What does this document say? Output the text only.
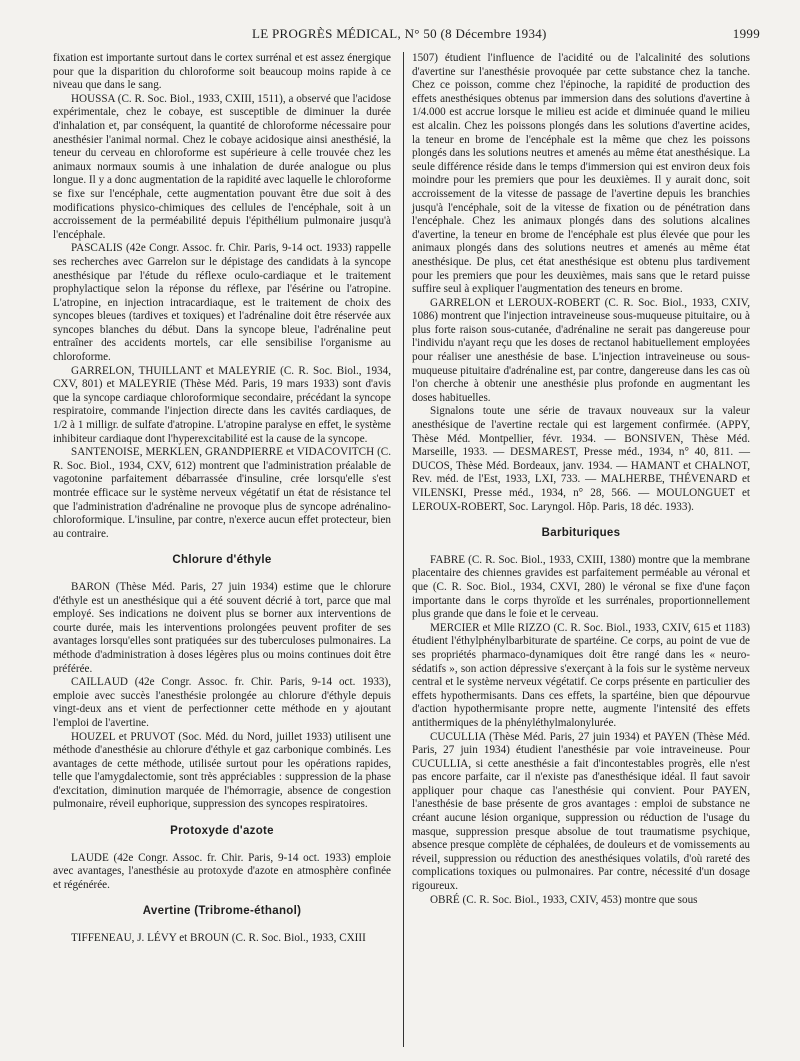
LE PROGRÈS MÉDICAL, N° 50 (8 Décembre 1934)	1999

fixation est importante surtout dans le cortex surrénal et est assez énergique pour que la disparition du chloroforme soit beaucoup moins rapide à ce niveau que dans le sang.

HOUSSA (C. R. Soc. Biol., 1933, CXIII, 1511), a observé que l'acidose expérimentale, chez le cobaye, est susceptible de diminuer la durée d'inhalation et, par conséquent, la quantité de chloroforme nécessaire pour anesthésier l'animal normal. Chez le cobaye acidosique ainsi anesthésié, la teneur du cerveau en chloroforme est supérieure à celle trouvée chez les animaux normaux soumis à une inhalation de durée analogue ou plus longue. Il y a donc augmentation de la rapidité avec laquelle le chloroforme se fixe sur l'encéphale, cette augmentation pouvant être due soit à des modifications physico-chimiques des cellules de l'encéphale, soit à un accroissement de la perméabilité depuis l'épithélium pulmonaire jusqu'à l'encéphale.

PASCALIS (42e Congr. Assoc. fr. Chir. Paris, 9-14 oct. 1933) rappelle ses recherches avec Garrelon sur le dépistage des candidats à la syncope anesthésique par l'étude du réflexe oculo-cardiaque et le traitement prophylactique selon la réponse du réflexe, par l'ésérine ou l'atropine. L'atropine, en injection intracardiaque, est le traitement de choix des syncopes bleues (tardives et toxiques) et l'adrénaline doit être réservée aux syncopes blanches du début. Dans la syncope bleue, l'adrénaline peut entraîner des accidents mortels, car elle sensibilise l'organisme au chloroforme.

GARRELON, THUILLANT et MALEYRIE (C. R. Soc. Biol., 1934, CXV, 801) et MALEYRIE (Thèse Méd. Paris, 19 mars 1933) sont d'avis que la syncope cardiaque chloroformique secondaire, précédant la syncope respiratoire, commande l'injection directe dans les cavités cardiaques, de 1/2 à 1 milligr. de sulfate d'atropine. L'atropine paralyse en effet, le système inhibiteur cardiaque dont l'hyperexcitabilité est la cause de la syncope.

SANTENOISE, MERKLEN, GRANDPIERRE et VIDACOVITCH (C. R. Soc. Biol., 1934, CXV, 612) montrent que l'administration préalable de vagotonine parfaitement débarrassée d'insuline, crée lorsqu'elle s'est montrée efficace sur le système nerveux végétatif un état de résistance tel que l'administration d'adrénaline ne provoque plus de syncope adrénalino-chloroformique. L'insuline, par contre, n'exerce aucun effet protecteur, bien au contraire.

Chlorure d'éthyle

BARON (Thèse Méd. Paris, 27 juin 1934) estime que le chlorure d'éthyle est un anesthésique qui a été souvent décrié à tort, parce que mal employé. Ses indications ne doivent plus se borner aux interventions de courte durée, mais les interventions prolongées peuvent profiter de ses avantages lorsqu'elles sont pratiquées sur des tuberculoses pulmonaires. La méthode d'administration à doses légères plus ou moins continues doit être préférée.

CAILLAUD (42e Congr. Assoc. fr. Chir. Paris, 9-14 oct. 1933), emploie avec succès l'anesthésie prolongée au chlorure d'éthyle depuis vingt-deux ans et vient de perfectionner cette méthode en y ajoutant l'emploi de l'avertine.

HOUZEL et PRUVOT (Soc. Méd. du Nord, juillet 1933) utilisent une méthode d'anesthésie au chlorure d'éthyle et gaz carbonique combinés. Les avantages de cette méthode, utilisée surtout pour les opérations rapides, telle que l'amygdalectomie, sont très appréciables : suppression de la phase d'excitation, diminution marquée de l'hémorragie, absence de congestion pulmonaire, réveil euphorique, suppression des syncopes respiratoires.

Protoxyde d'azote

LAUDE (42e Congr. Assoc. fr. Chir. Paris, 9-14 oct. 1933) emploie avec avantages, l'anesthésie au protoxyde d'azote en atmosphère confinée et régénérée.

Avertine (Tribrome-éthanol)

TIFFENEAU, J. LÉVY et BROUN (C. R. Soc. Biol., 1933, CXIII

1507) étudient l'influence de l'acidité ou de l'alcalinité des solutions d'avertine sur l'anesthésie provoquée par cette substance chez la tanche. Chez ce poisson, comme chez l'épinoche, la rapidité de production des effets anesthésiques obtenus par immersion dans des solutions d'avertine à 1/4.000 est accrue lorsque le milieu est acide et diminuée quand le milieu est alcalin. Chez les poissons plongés dans les solutions d'avertine acides, la teneur en brome de l'encéphale est la même que chez les poissons plongés dans les solutions neutres et amenés au même état anesthésique. La seule différence réside dans le temps d'immersion qui est environ deux fois moindre pour les premiers que pour les deuxièmes. Il y aurait donc, soit accroissement de la vitesse de passage de l'avertine depuis les branchies jusqu'à l'encéphale, soit de la vitesse de fixation ou de pénétration dans l'encéphale. Chez les animaux plongés dans des solutions alcalines d'avertine, la teneur en brome de l'encéphale est plus élevée que pour les animaux plongés dans des solutions neutres et amenés au même état anesthésique. De plus, cet état anesthésique est obtenu plus tardivement pour les premiers que pour les deuxièmes, mais sans que le retard puisse suffire seul à expliquer l'augmentation des teneurs en brome.

GARRELON et LEROUX-ROBERT (C. R. Soc. Biol., 1933, CXIV, 1086) montrent que l'injection intraveineuse sous-muqueuse pituitaire, ou à plus forte raison sous-cutanée, d'adrénaline ne serait pas dangereuse pour l'individu n'ayant reçu que les doses de rectanol habituellement employées pour réaliser une anesthésie de base. L'injection intraveineuse ou sous-muqueuse pituitaire d'adrénaline est, par contre, dangereuse dans les cas où l'on cherche à obtenir une anesthésie plus profonde en augmentant les doses habituelles.

Signalons toute une série de travaux nouveaux sur la valeur anesthésique de l'avertine rectale qui est largement confirmée. (APPY, Thèse Méd. Montpellier, févr. 1934. — BONSIVEN, Thèse Méd. Marseille, 1933. — DESMAREST, Presse méd., 1934, n° 40, 811. — DUCOS, Thèse Méd. Bordeaux, janv. 1934. — HAMANT et CHALNOT, Rev. méd. de l'Est, 1933, LXI, 733. — MALHERBE, THÉVENARD et VILENSKI, Presse méd., 1934, n° 28, 566. — MOULONGUET et LEROUX-ROBERT, Soc. Laryngol. Hôp. Paris, 18 déc. 1933).

Barbituriques

FABRE (C. R. Soc. Biol., 1933, CXIII, 1380) montre que la membrane placentaire des chiennes gravides est parfaitement perméable au véronal et que (C. R. Soc. Biol., 1934, CXVI, 280) le véronal se fixe d'une façon importante dans le corps thyroïde et les surrénales, proportionnellement plus grande que dans le foie et le cerveau.

MERCIER et Mlle RIZZO (C. R. Soc. Biol., 1933, CXIV, 615 et 1183) étudient l'éthylphénylbarbiturate de spartéine. Ce corps, au point de vue de ses propriétés pharmaco-dynamiques doit être rangé dans les « neuro-sédatifs », son action dépressive s'exerçant à la fois sur le système nerveux central et le système nerveux végétatif. Ce corps présente en particulier des effets hypothermisants. Dans ces effets, la spartéine, bien que dépourvue d'action hypothermisante propre nette, augmente l'intensité des effets antithermiques de la phényléthylmalonylurée.

CUCULLIA (Thèse Méd. Paris, 27 juin 1934) et PAYEN (Thèse Méd. Paris, 27 juin 1934) étudient l'anesthésie par voie intraveineuse. Pour CUCULLIA, si cette anesthésie a fait d'incontestables progrès, elle n'est pas encore parfaite, car il n'existe pas d'anesthésique idéal. Il faut savoir appliquer pour chaque cas l'anesthésie qui convient. Pour PAYEN, l'anesthésie de base présente de gros avantages : emploi de substance ne créant aucune lésion organique, suppression ou réduction de l'usage du masque, suppression presque absolue de tout traumatisme psychique, absence presque complète de céphalées, de douleurs et de vomissements au réveil, suppression ou réduction des anesthésiques volatils, d'où rareté des complications toxiques ou pulmonaires. Par contre, nécessité d'un dosage rigoureux.

OBRÉ (C. R. Soc. Biol., 1933, CXIV, 453) montre que sous
